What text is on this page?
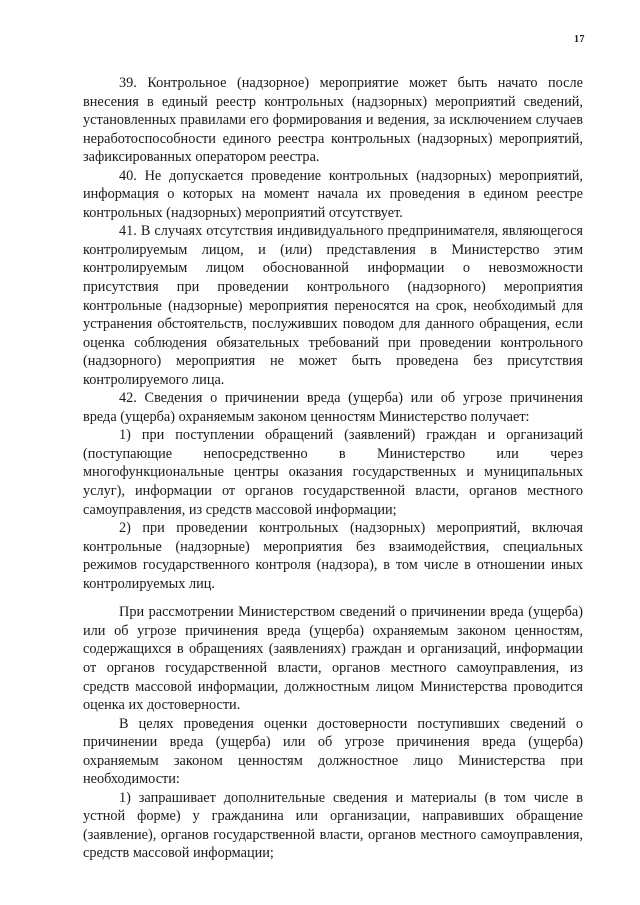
17

39. Контрольное (надзорное) мероприятие может быть начато после внесения в единый реестр контрольных (надзорных) мероприятий сведений, установленных правилами его формирования и ведения, за исключением случаев неработоспособности единого реестра контрольных (надзорных) мероприятий, зафиксированных оператором реестра.

40. Не допускается проведение контрольных (надзорных) мероприятий, информация о которых на момент начала их проведения в едином реестре контрольных (надзорных) мероприятий отсутствует.

41. В случаях отсутствия индивидуального предпринимателя, являющегося контролируемым лицом, и (или) представления в Министерство этим контролируемым лицом обоснованной информации о невозможности присутствия при проведении контрольного (надзорного) мероприятия контрольные (надзорные) мероприятия переносятся на срок, необходимый для устранения обстоятельств, послуживших поводом для данного обращения, если оценка соблюдения обязательных требований при проведении контрольного (надзорного) мероприятия не может быть проведена без присутствия контролируемого лица.

42. Сведения о причинении вреда (ущерба) или об угрозе причинения вреда (ущерба) охраняемым законом ценностям Министерство получает:

1) при поступлении обращений (заявлений) граждан и организаций (поступающие непосредственно в Министерство или через многофункциональные центры оказания государственных и муниципальных услуг), информации от органов государственной власти, органов местного самоуправления, из средств массовой информации;

2) при проведении контрольных (надзорных) мероприятий, включая контрольные (надзорные) мероприятия без взаимодействия, специальных режимов государственного контроля (надзора), в том числе в отношении иных контролируемых лиц.

При рассмотрении Министерством сведений о причинении вреда (ущерба) или об угрозе причинения вреда (ущерба) охраняемым законом ценностям, содержащихся в обращениях (заявлениях) граждан и организаций, информации от органов государственной власти, органов местного самоуправления, из средств массовой информации, должностным лицом Министерства проводится оценка их достоверности.

В целях проведения оценки достоверности поступивших сведений о причинении вреда (ущерба) или об угрозе причинения вреда (ущерба) охраняемым законом ценностям должностное лицо Министерства при необходимости:

1) запрашивает дополнительные сведения и материалы (в том числе в устной форме) у гражданина или организации, направивших обращение (заявление), органов государственной власти, органов местного самоуправления, средств массовой информации;
